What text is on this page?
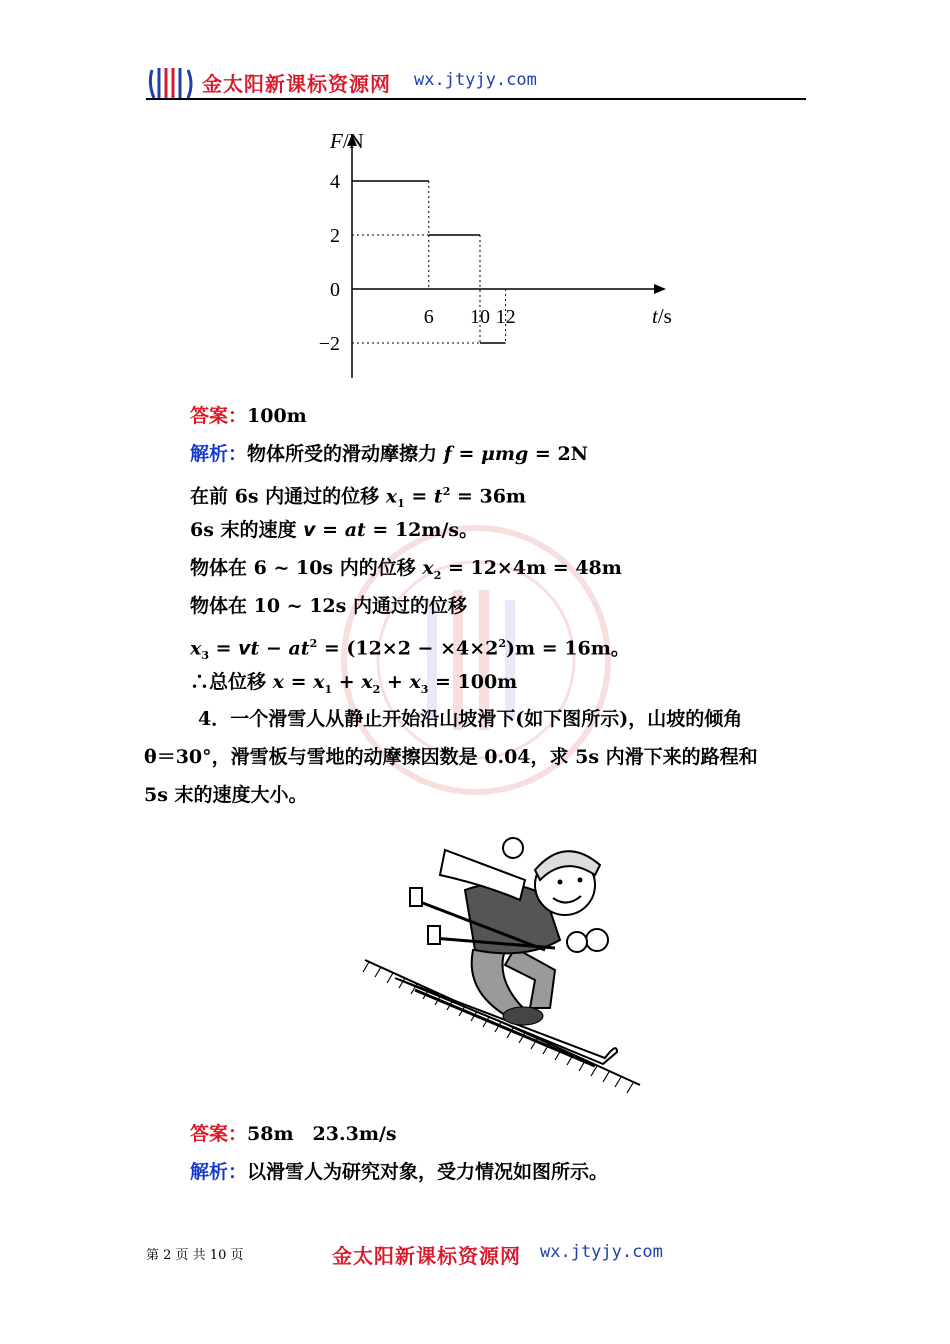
金太阳新课标资源网 wx.jtyjy.com
F/N
t/s
4
2
0
−2
6 10 12
答案：100m
解析：物体所受的滑动摩擦力 f = μmg = 2N
在前 6s 内通过的位移 $x_1 = t^2 = 36m$
6s 末的速度 v = at = 12m/s。
物体在 6 ~ 10s 内的位移 $x_2 = 12\times 4m = 48m$
物体在 10 ~ 12s 内通过的位移
$x_3$ = vt − $at^2 = (12\times 2 - \times 4\times 2^2)m = 16m$。
∴总位移 $x = x_1 + x_2 + x_3 = 100m$
4．一个滑雪人从静止开始沿山坡滑下(如下图所示)，山坡的倾角
θ＝30°，滑雪板与雪地的动摩擦因数是 0.04，求 5s 内滑下来的路程和
5s 末的速度大小。
答案：58m　23.3m/s
解析：以滑雪人为研究对象，受力情况如图所示。
第 2 页 共 10 页	金太阳新课标资源网 wx.jtyjy.com
